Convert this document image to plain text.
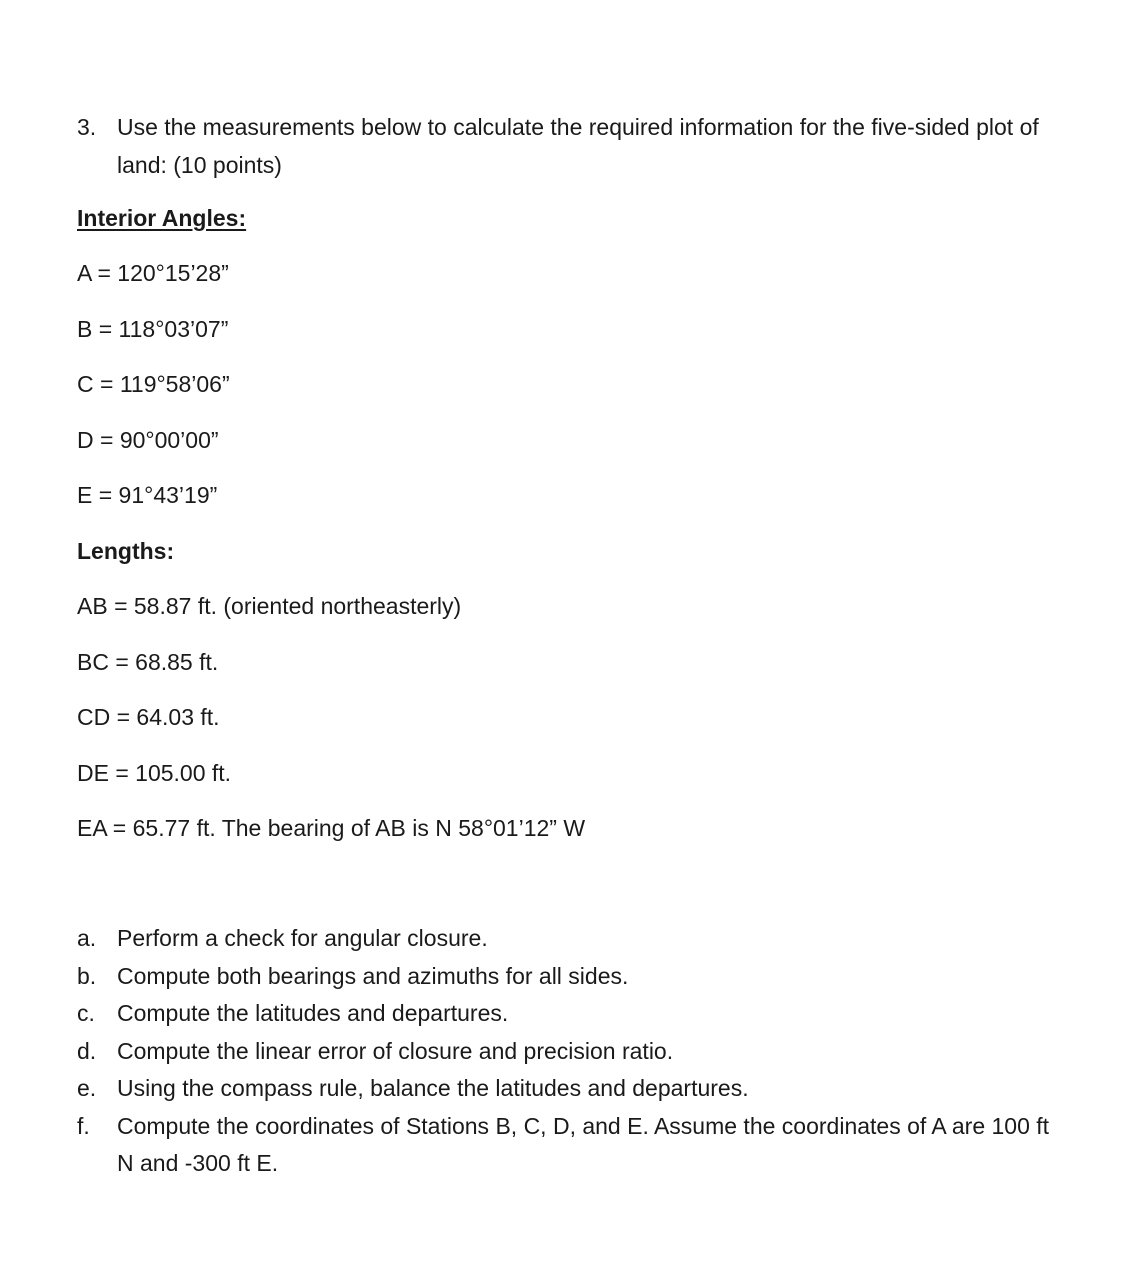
3. Use the measurements below to calculate the required information for the five-sided plot of land: (10 points)
Interior Angles:
A = 120°15’28”
B = 118°03’07”
C = 119°58’06”
D = 90°00’00”
E = 91°43’19”
Lengths:
AB = 58.87 ft. (oriented northeasterly)
BC = 68.85 ft.
CD = 64.03 ft.
DE = 105.00 ft.
EA = 65.77 ft. The bearing of AB is N 58°01’12” W
a. Perform a check for angular closure.
b. Compute both bearings and azimuths for all sides.
c. Compute the latitudes and departures.
d. Compute the linear error of closure and precision ratio.
e. Using the compass rule, balance the latitudes and departures.
f.	Compute the coordinates of Stations B, C, D, and E. Assume the coordinates of A are 100 ft N and -300 ft E.
